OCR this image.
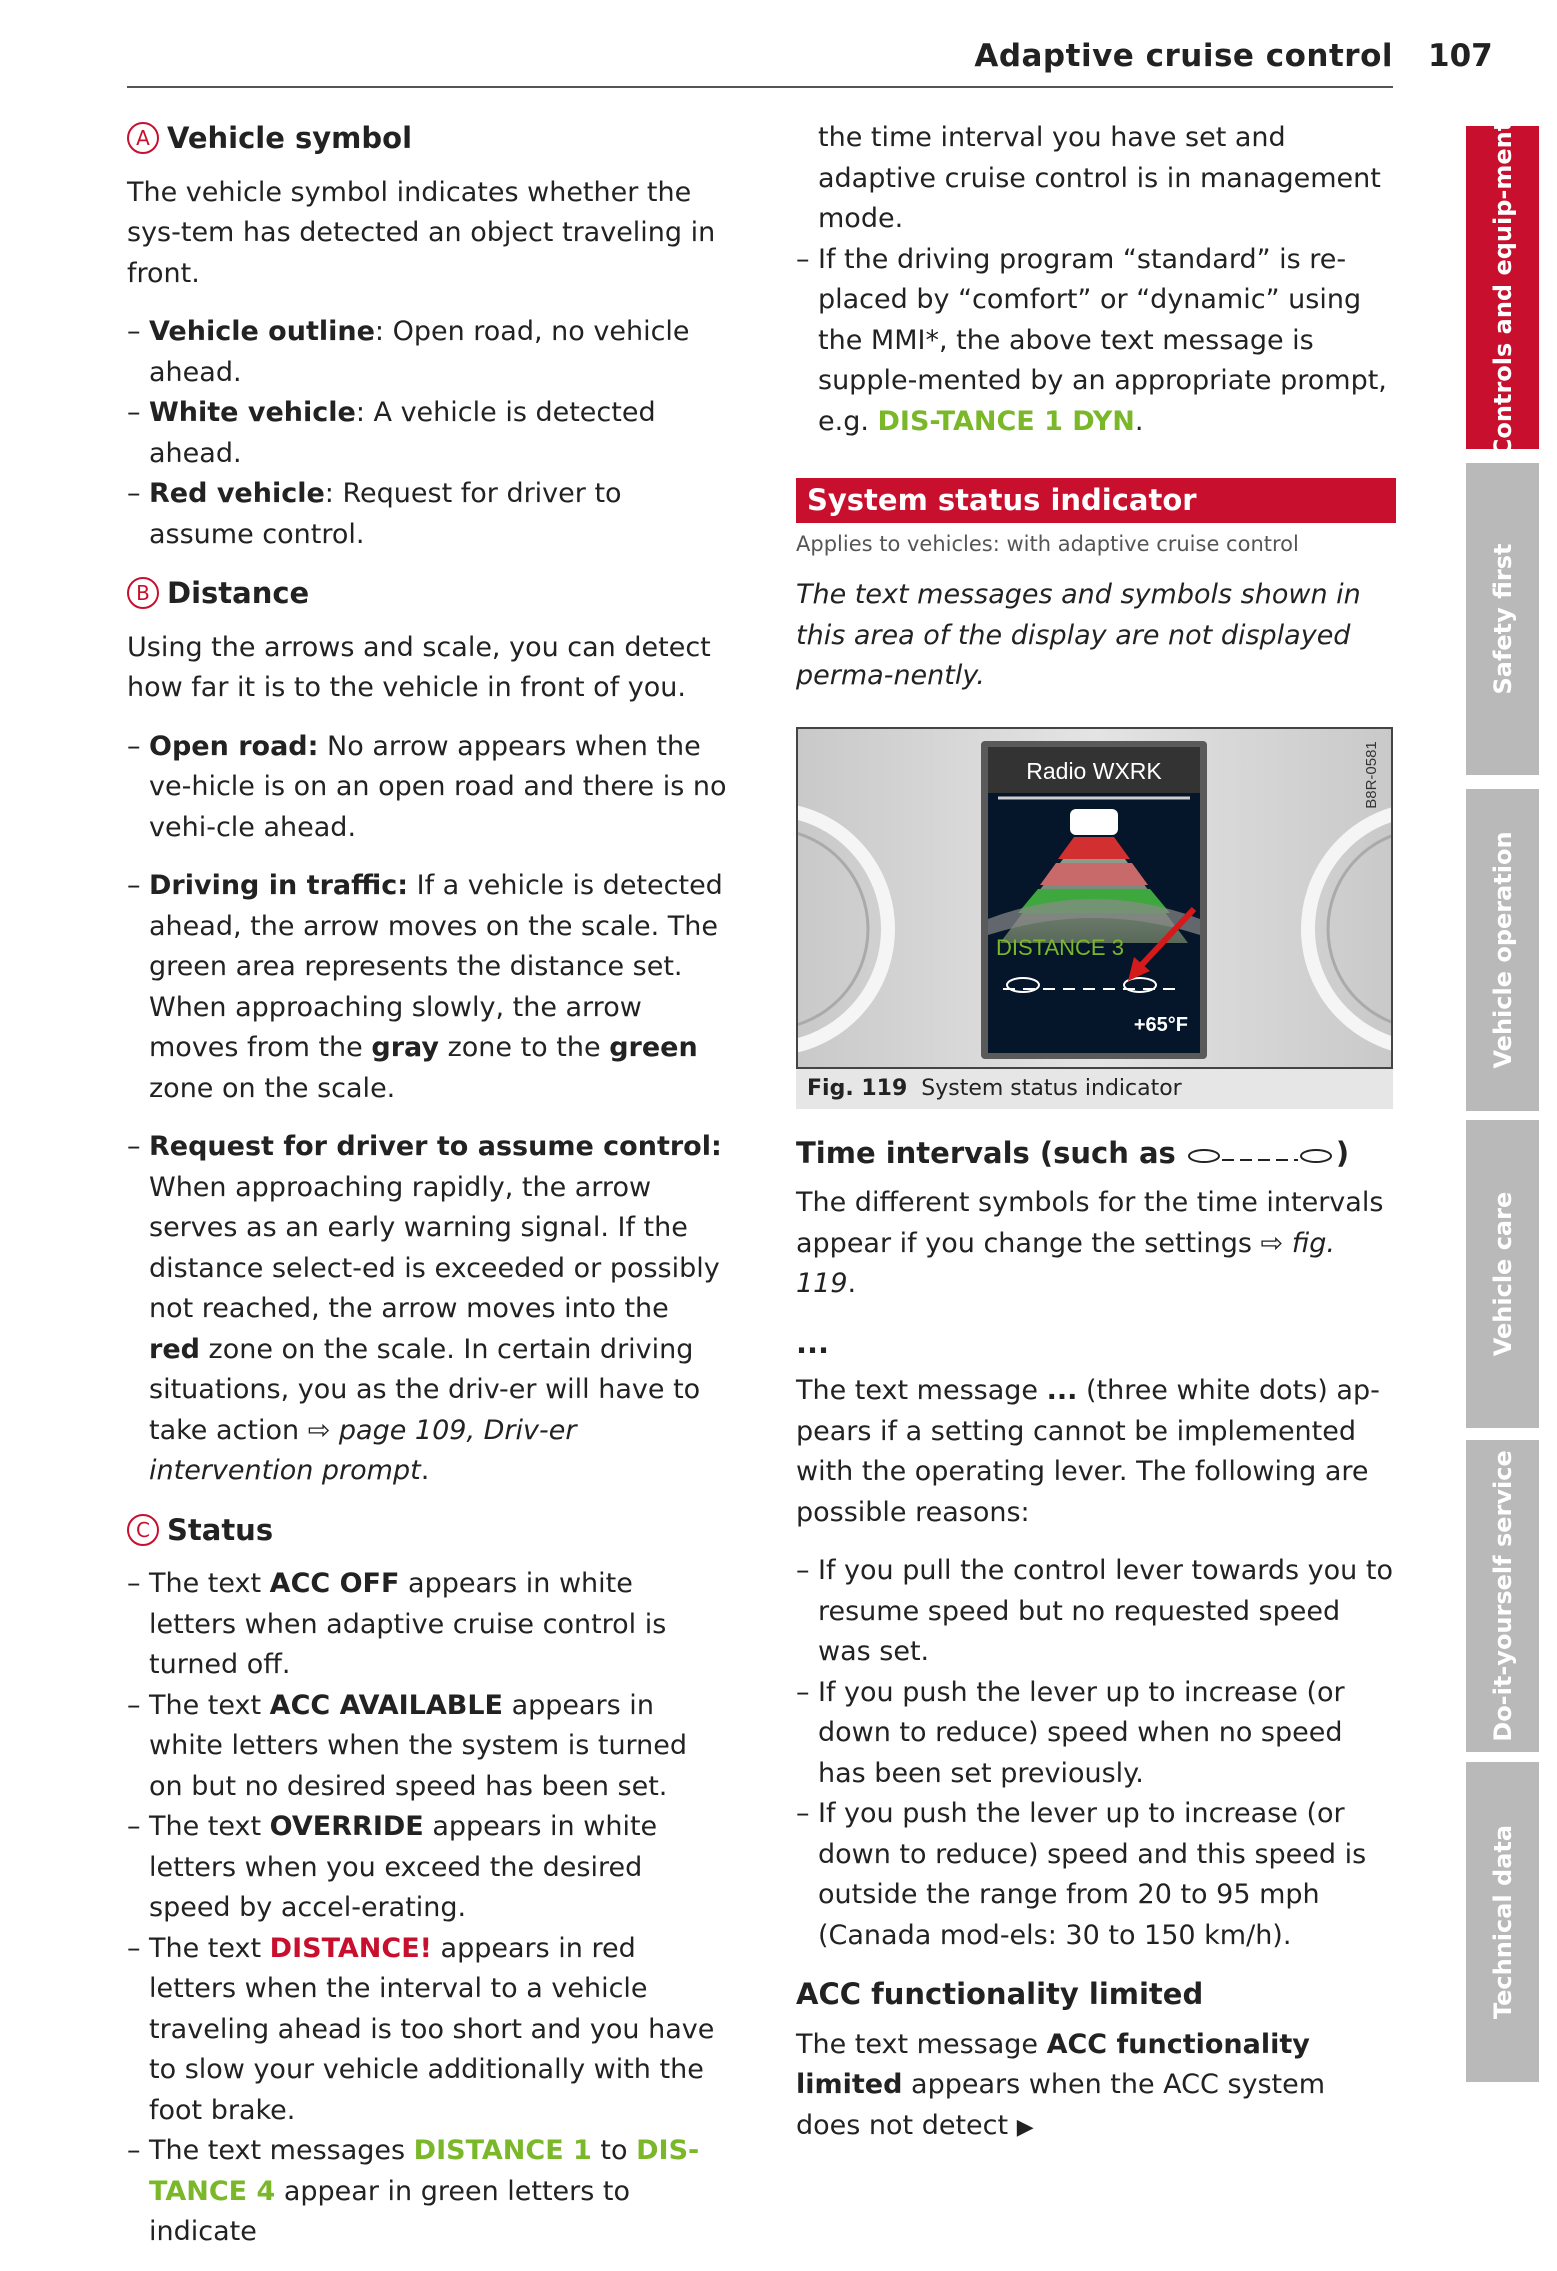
Adaptive cruise control 107
A Vehicle symbol

The vehicle symbol indicates whether the sys-tem has detected an object traveling in front.

– Vehicle outline: Open road, no vehicle ahead.
– White vehicle: A vehicle is detected ahead.
– Red vehicle: Request for driver to assume control.
B Distance

Using the arrows and scale, you can detect how far it is to the vehicle in front of you.

– Open road: No arrow appears when the ve-hicle is on an open road and there is no vehi-cle ahead.
– Driving in traffic: If a vehicle is detected ahead, the arrow moves on the scale. The green area represents the distance set. When approaching slowly, the arrow moves from the gray zone to the green zone on the scale.
– Request for driver to assume control: When approaching rapidly, the arrow serves as an early warning signal. If the distance select-ed is exceeded or possibly not reached, the arrow moves into the red zone on the scale. In certain driving situations, you as the driv-er will have to take action ⇨ page 109, Driv-er intervention prompt.
C Status
– The text ACC OFF appears in white letters when adaptive cruise control is turned off.
– The text ACC AVAILABLE appears in white letters when the system is turned on but no desired speed has been set.
– The text OVERRIDE appears in white letters when you exceed the desired speed by accel-erating.
– The text DISTANCE! appears in red letters when the interval to a vehicle traveling ahead is too short and you have to slow your vehicle additionally with the foot brake.
– The text messages DISTANCE 1 to DIS-TANCE 4 appear in green letters to indicate

the time interval you have set and adaptive cruise control is in management mode.

– If the driving program “standard” is re-placed by “comfort” or “dynamic” using the MMI*, the above text message is supple-mented by an appropriate prompt, e.g. DIS-TANCE 1 DYN.
System status indicator

Applies to vehicles: with adaptive cruise control

The text messages and symbols shown in this area of the display are not displayed perma-nently.

Radio WXRK
DISTANCE 3
+65°F
B8R-0581
Fig. 119 System status indicator
Time intervals (such as	)

The different symbols for the time intervals appear if you change the settings ⇨ fig. 119.

...

The text message ... (three white dots) ap-pears if a setting cannot be implemented with the operating lever. The following are possible reasons:

– If you pull the control lever towards you to resume speed but no requested speed was set.
– If you push the lever up to increase (or down to reduce) speed when no speed has been set previously.
– If you push the lever up to increase (or down to reduce) speed and this speed is outside the range from 20 to 95 mph (Canada mod-els: 30 to 150 km/h).
ACC functionality limited

The text message ACC functionality limited appears when the ACC system does not detect ▶

Controls and equip-ment
Safety first
Vehicle operation
Vehicle care
Do-it-yourself service
Technical data
